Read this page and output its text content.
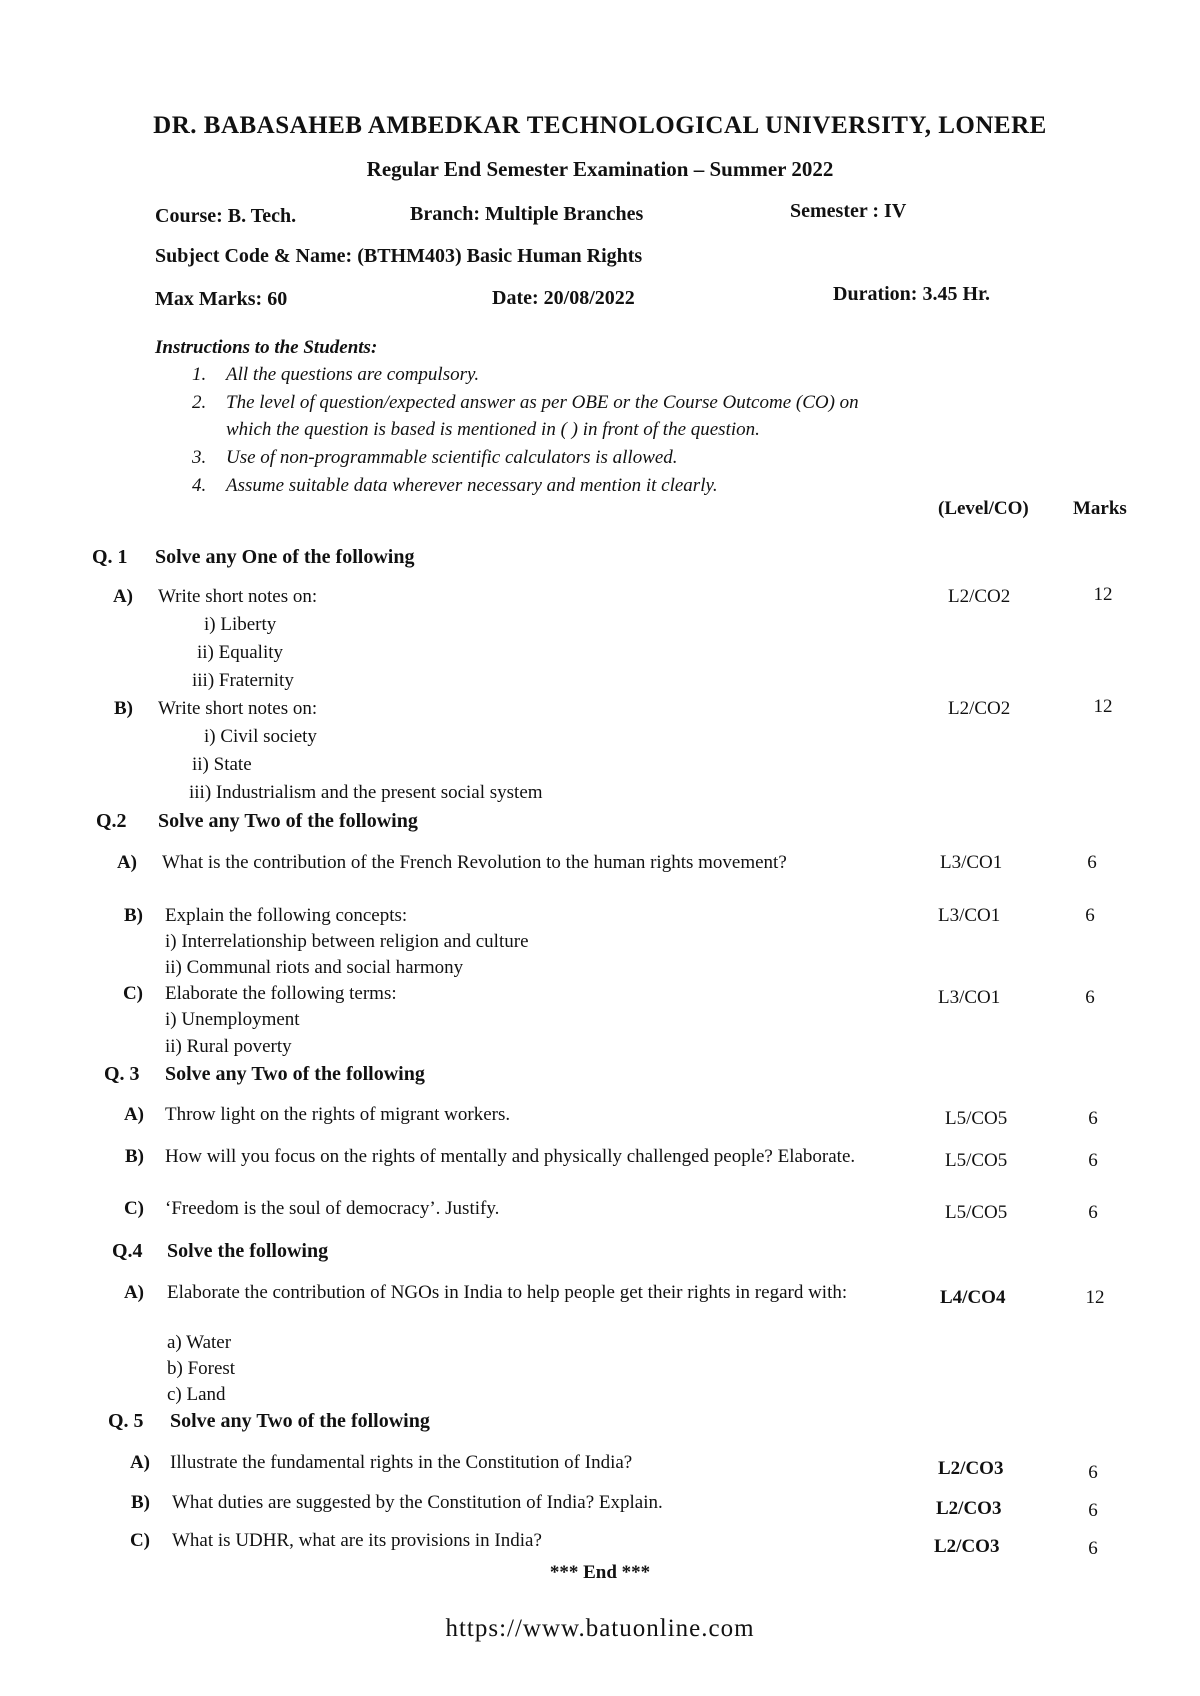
DR. BABASAHEB AMBEDKAR TECHNOLOGICAL UNIVERSITY, LONERE
Regular End Semester Examination – Summer 2022
Course: B. Tech.	Branch: Multiple Branches	Semester : IV
Subject Code & Name: (BTHM403) Basic Human Rights
Max Marks: 60	Date: 20/08/2022	Duration: 3.45 Hr.
Instructions to the Students:
1. All the questions are compulsory.
2. The level of question/expected answer as per OBE or the Course Outcome (CO) on
which the question is based is mentioned in ( ) in front of the question.
3. Use of non-programmable scientific calculators is allowed.
4. Assume suitable data wherever necessary and mention it clearly.
(Level/CO) Marks
Q. 1 Solve any One of the following
A) Write short notes on:
i) Liberty
ii) Equality
iii) Fraternity
L2/CO2	12
B) Write short notes on:
i) Civil society
ii) State
iii) Industrialism and the present social system
L2/CO2	12
Q.2 Solve any Two of the following
A) What is the contribution of the French Revolution to the human rights movement?	L3/CO1	6
B) Explain the following concepts:
i) Interrelationship between religion and culture
ii) Communal riots and social harmony
L3/CO1	6
C) Elaborate the following terms:
i) Unemployment
ii) Rural poverty
L3/CO1	6
Q. 3 Solve any Two of the following
A) Throw light on the rights of migrant workers.	L5/CO5	6
B) How will you focus on the rights of mentally and physically challenged people? Elaborate.	L5/CO5	6
C) ‘Freedom is the soul of democracy’. Justify.	L5/CO5	6
Q.4 Solve the following
A) Elaborate the contribution of NGOs in India to help people get their rights in regard with:
a) Water
b) Forest
c) Land
L4/CO4	12
Q. 5 Solve any Two of the following
A) Illustrate the fundamental rights in the Constitution of India?	L2/CO3	6
B) What duties are suggested by the Constitution of India? Explain.	L2/CO3	6
C) What is UDHR, what are its provisions in India?	L2/CO3	6
*** End ***
https://www.batuonline.com
